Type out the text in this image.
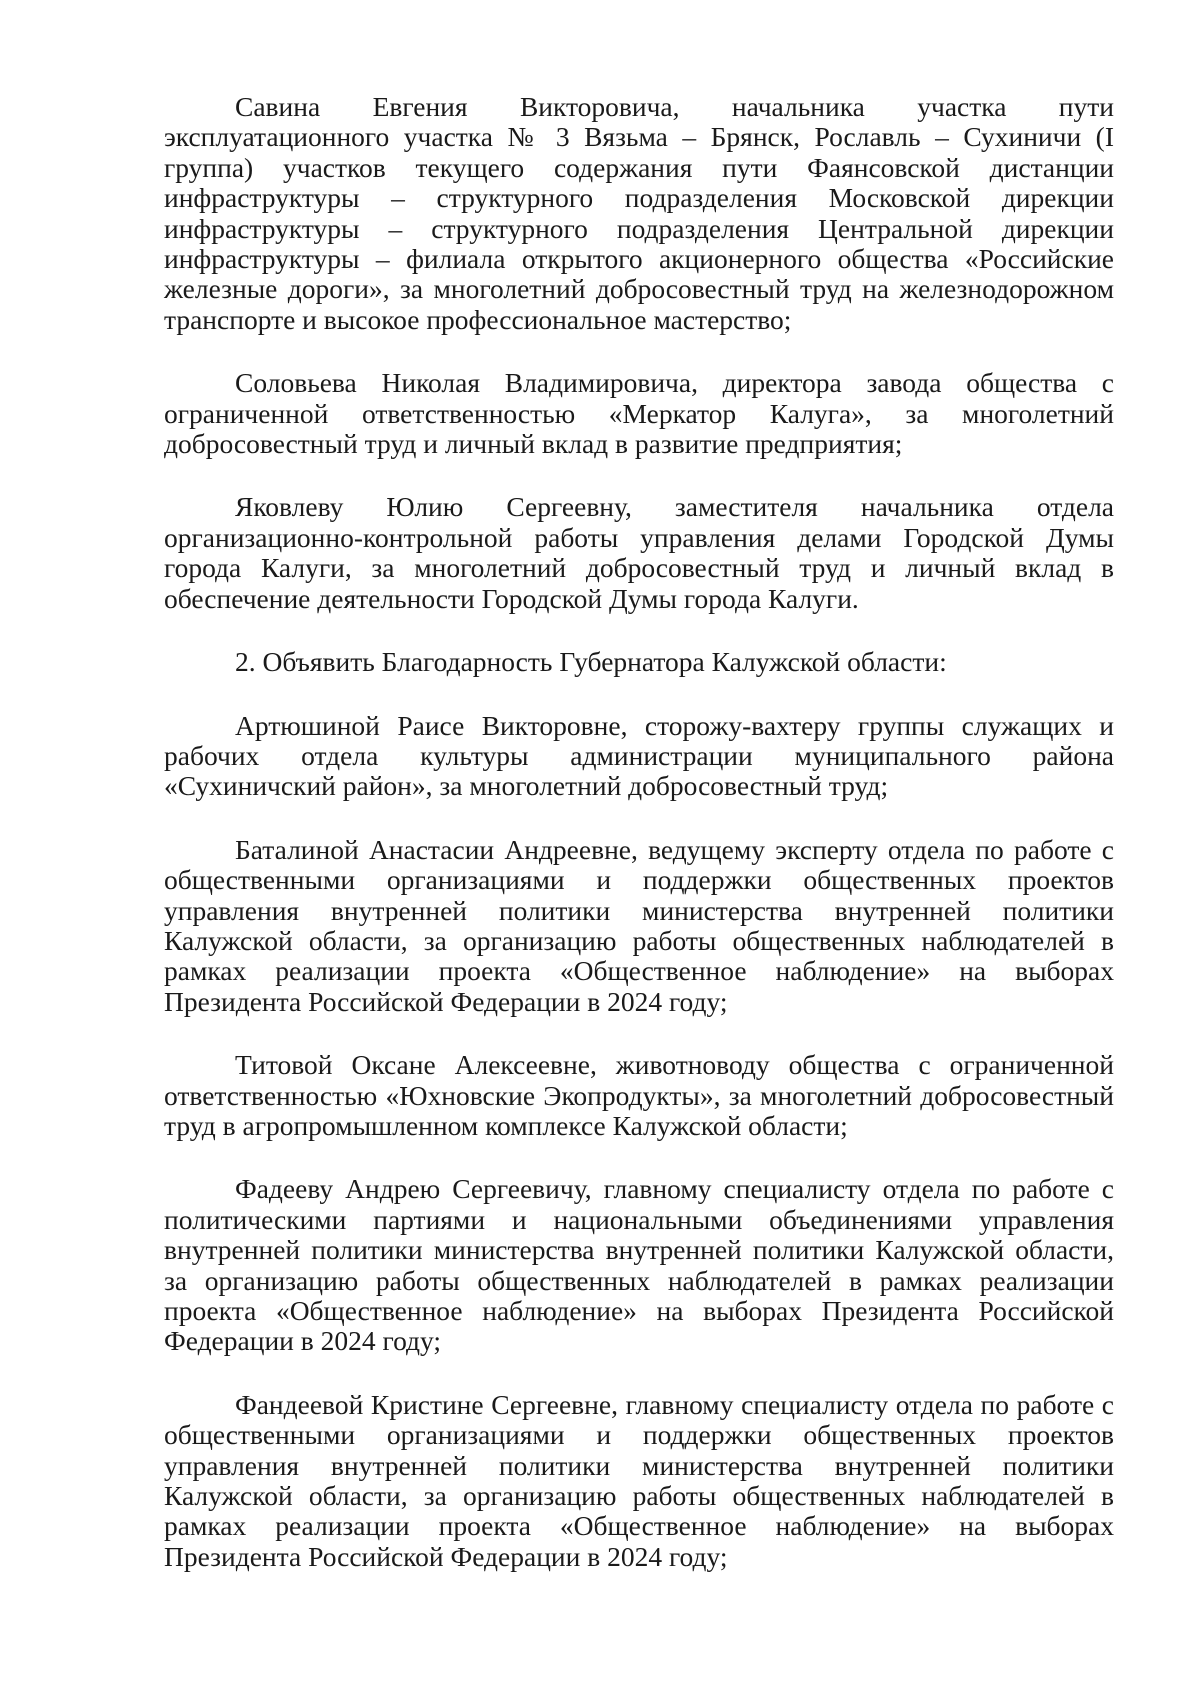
Савина Евгения Викторовича, начальника участка пути эксплуатационного участка № 3 Вязьма – Брянск, Рославль – Сухиничи (I группа) участков текущего содержания пути Фаянсовской дистанции инфраструктуры – структурного подразделения Московской дирекции инфраструктуры – структурного подразделения Центральной дирекции инфраструктуры – филиала открытого акционерного общества «Российские железные дороги», за многолетний добросовестный труд на железнодорожном транспорте и высокое профессиональное мастерство;

Соловьева Николая Владимировича, директора завода общества с ограниченной ответственностью «Меркатор Калуга», за многолетний добросовестный труд и личный вклад в развитие предприятия;

Яковлеву Юлию Сергеевну, заместителя начальника отдела организационно-контрольной работы управления делами Городской Думы города Калуги, за многолетний добросовестный труд и личный вклад в обеспечение деятельности Городской Думы города Калуги.

2. Объявить Благодарность Губернатора Калужской области:

Артюшиной Раисе Викторовне, сторожу-вахтеру группы служащих и рабочих отдела культуры администрации муниципального района «Сухиничский район», за многолетний добросовестный труд;

Баталиной Анастасии Андреевне, ведущему эксперту отдела по работе с общественными организациями и поддержки общественных проектов управления внутренней политики министерства внутренней политики Калужской области, за организацию работы общественных наблюдателей в рамках реализации проекта «Общественное наблюдение» на выборах Президента Российской Федерации в 2024 году;

Титовой Оксане Алексеевне, животноводу общества с ограниченной ответственностью «Юхновские Экопродукты», за многолетний добросовестный труд в агропромышленном комплексе Калужской области;

Фадееву Андрею Сергеевичу, главному специалисту отдела по работе с политическими партиями и национальными объединениями управления внутренней политики министерства внутренней политики Калужской области, за организацию работы общественных наблюдателей в рамках реализации проекта «Общественное наблюдение» на выборах Президента Российской Федерации в 2024 году;

Фандеевой Кристине Сергеевне, главному специалисту отдела по работе с общественными организациями и поддержки общественных проектов управления внутренней политики министерства внутренней политики Калужской области, за организацию работы общественных наблюдателей в рамках реализации проекта «Общественное наблюдение» на выборах Президента Российской Федерации в 2024 году;
